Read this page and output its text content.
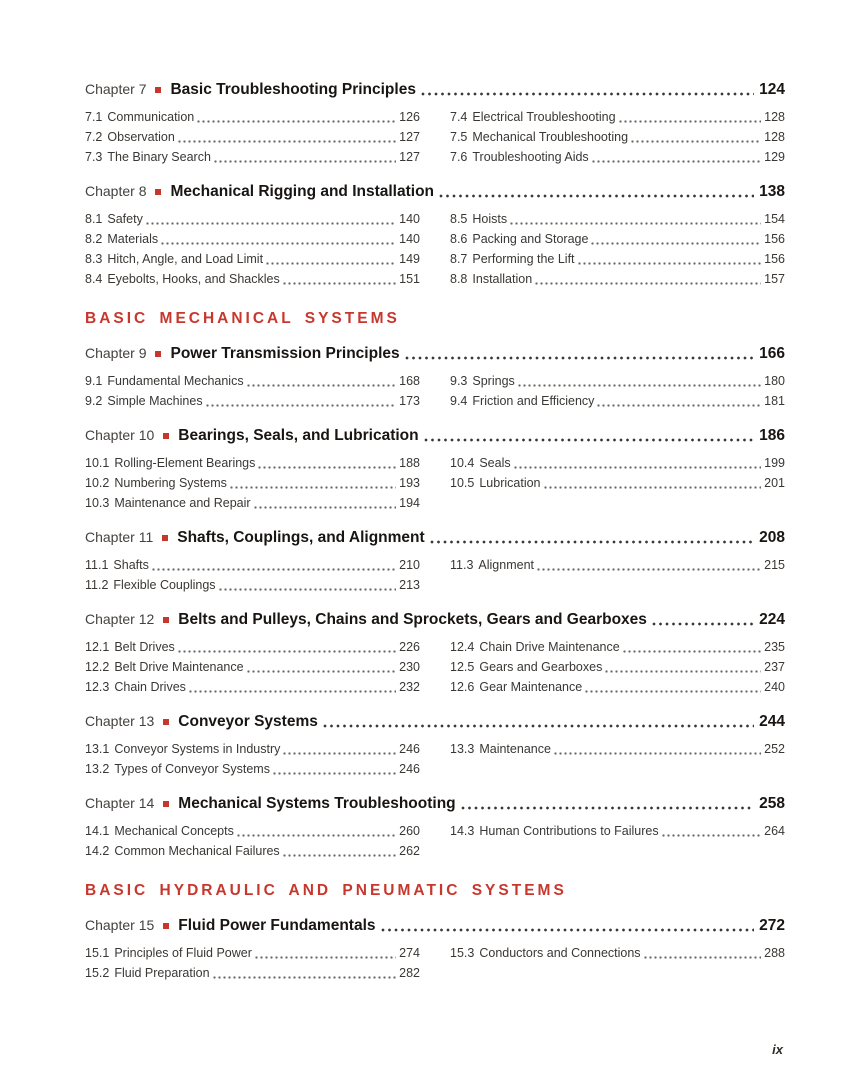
Chapter 7 Basic Troubleshooting Principles	124
7.1 Communication	126
7.2 Observation	127
7.3 The Binary Search	127
7.4 Electrical Troubleshooting	128
7.5 Mechanical Troubleshooting	128
7.6 Troubleshooting Aids	129
Chapter 8 Mechanical Rigging and Installation	138
8.1 Safety	140
8.2 Materials	140
8.3 Hitch, Angle, and Load Limit	149
8.4 Eyebolts, Hooks, and Shackles	151
8.5 Hoists	154
8.6 Packing and Storage	156
8.7 Performing the Lift	156
8.8 Installation	157
BASIC MECHANICAL SYSTEMS
Chapter 9 Power Transmission Principles	166
9.1 Fundamental Mechanics	168
9.2 Simple Machines	173
9.3 Springs	180
9.4 Friction and Efficiency	181
Chapter 10 Bearings, Seals, and Lubrication	186
10.1 Rolling-Element Bearings	188
10.2 Numbering Systems	193
10.3 Maintenance and Repair	194
10.4 Seals	199
10.5 Lubrication	201
Chapter 11 Shafts, Couplings, and Alignment	208
11.1 Shafts	210
11.2 Flexible Couplings	213
11.3 Alignment	215
Chapter 12 Belts and Pulleys, Chains and Sprockets, Gears and Gearboxes	224
12.1 Belt Drives	226
12.2 Belt Drive Maintenance	230
12.3 Chain Drives	232
12.4 Chain Drive Maintenance	235
12.5 Gears and Gearboxes	237
12.6 Gear Maintenance	240
Chapter 13 Conveyor Systems	244
13.1 Conveyor Systems in Industry	246
13.2 Types of Conveyor Systems	246
13.3 Maintenance	252
Chapter 14 Mechanical Systems Troubleshooting	258
14.1 Mechanical Concepts	260
14.2 Common Mechanical Failures	262
14.3 Human Contributions to Failures	264
BASIC HYDRAULIC AND PNEUMATIC SYSTEMS
Chapter 15 Fluid Power Fundamentals	272
15.1 Principles of Fluid Power	274
15.2 Fluid Preparation	282
15.3 Conductors and Connections	288
ix
